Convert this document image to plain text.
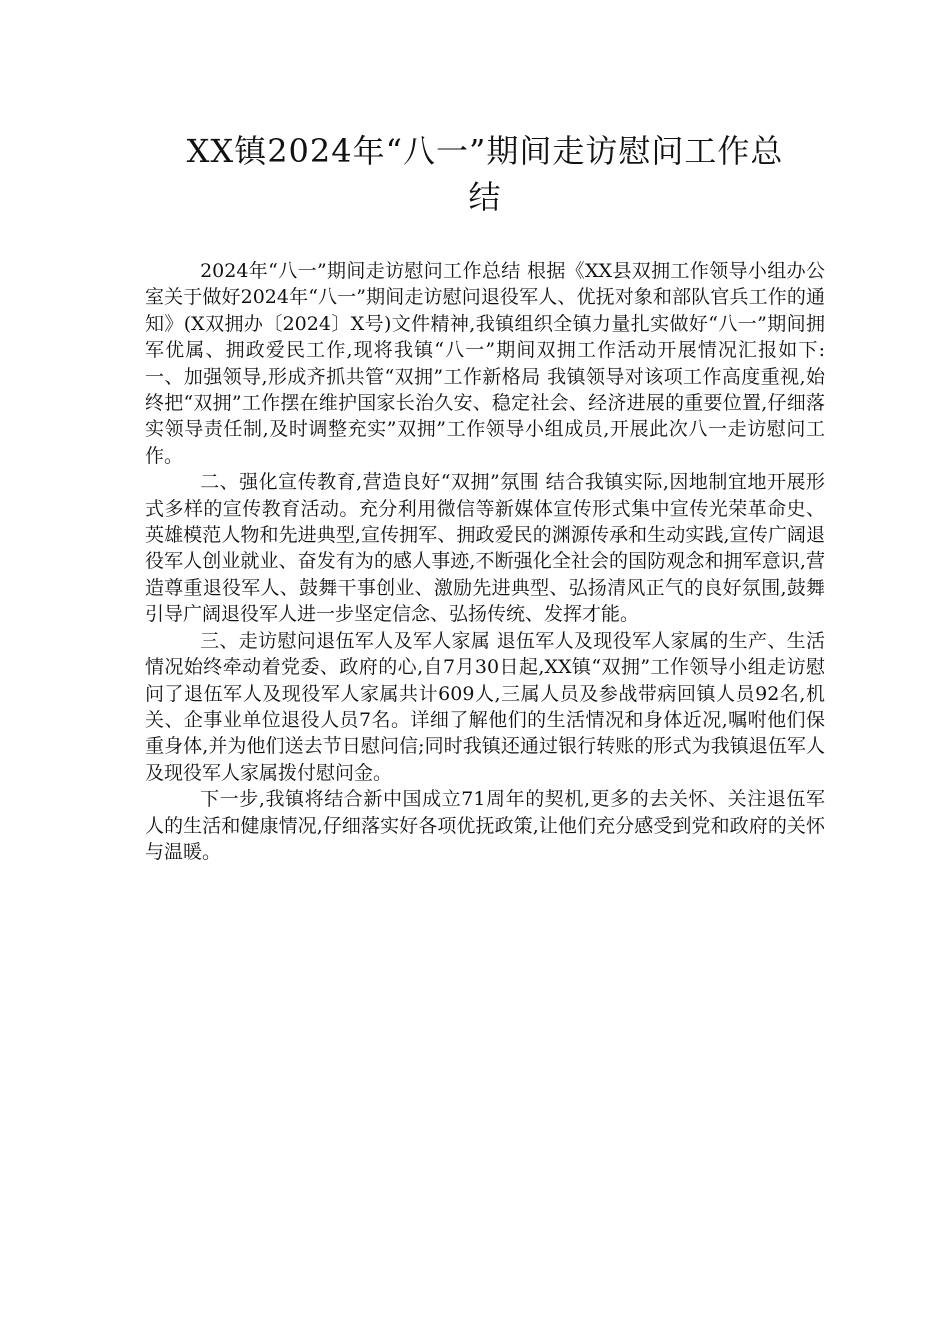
XX镇2024年“八一”期间走访慰问工作总
结

2024年“八一”期间走访慰问工作总结 根据《XX县双拥工作领导小组办公室关于做好2024年“八一”期间走访慰问退役军人、优抚对象和部队官兵工作的通知》(X双拥办〔2024〕X号)文件精神,我镇组织全镇力量扎实做好“八一”期间拥军优属、拥政爱民工作,现将我镇“八一”期间双拥工作活动开展情况汇报如下: 一、加强领导,形成齐抓共管“双拥”工作新格局 我镇领导对该项工作高度重视,始终把“双拥”工作摆在维护国家长治久安、稳定社会、经济进展的重要位置,仔细落实领导责任制,及时调整充实”双拥”工作领导小组成员,开展此次八一走访慰问工作。

二、强化宣传教育,营造良好“双拥”氛围 结合我镇实际,因地制宜地开展形式多样的宣传教育活动。充分利用微信等新媒体宣传形式集中宣传光荣革命史、英雄模范人物和先进典型,宣传拥军、拥政爱民的渊源传承和生动实践,宣传广阔退役军人创业就业、奋发有为的感人事迹,不断强化全社会的国防观念和拥军意识,营造尊重退役军人、鼓舞干事创业、激励先进典型、弘扬清风正气的良好氛围,鼓舞引导广阔退役军人进一步坚定信念、弘扬传统、发挥才能。

三、走访慰问退伍军人及军人家属 退伍军人及现役军人家属的生产、生活情况始终牵动着党委、政府的心,自7月30日起,XX镇“双拥”工作领导小组走访慰问了退伍军人及现役军人家属共计609人,三属人员及参战带病回镇人员92名,机关、企事业单位退役人员7名。详细了解他们的生活情况和身体近况,嘱咐他们保重身体,并为他们送去节日慰问信;同时我镇还通过银行转账的形式为我镇退伍军人及现役军人家属拨付慰问金。

下一步,我镇将结合新中国成立71周年的契机,更多的去关怀、关注退伍军人的生活和健康情况,仔细落实好各项优抚政策,让他们充分感受到党和政府的关怀与温暖。
